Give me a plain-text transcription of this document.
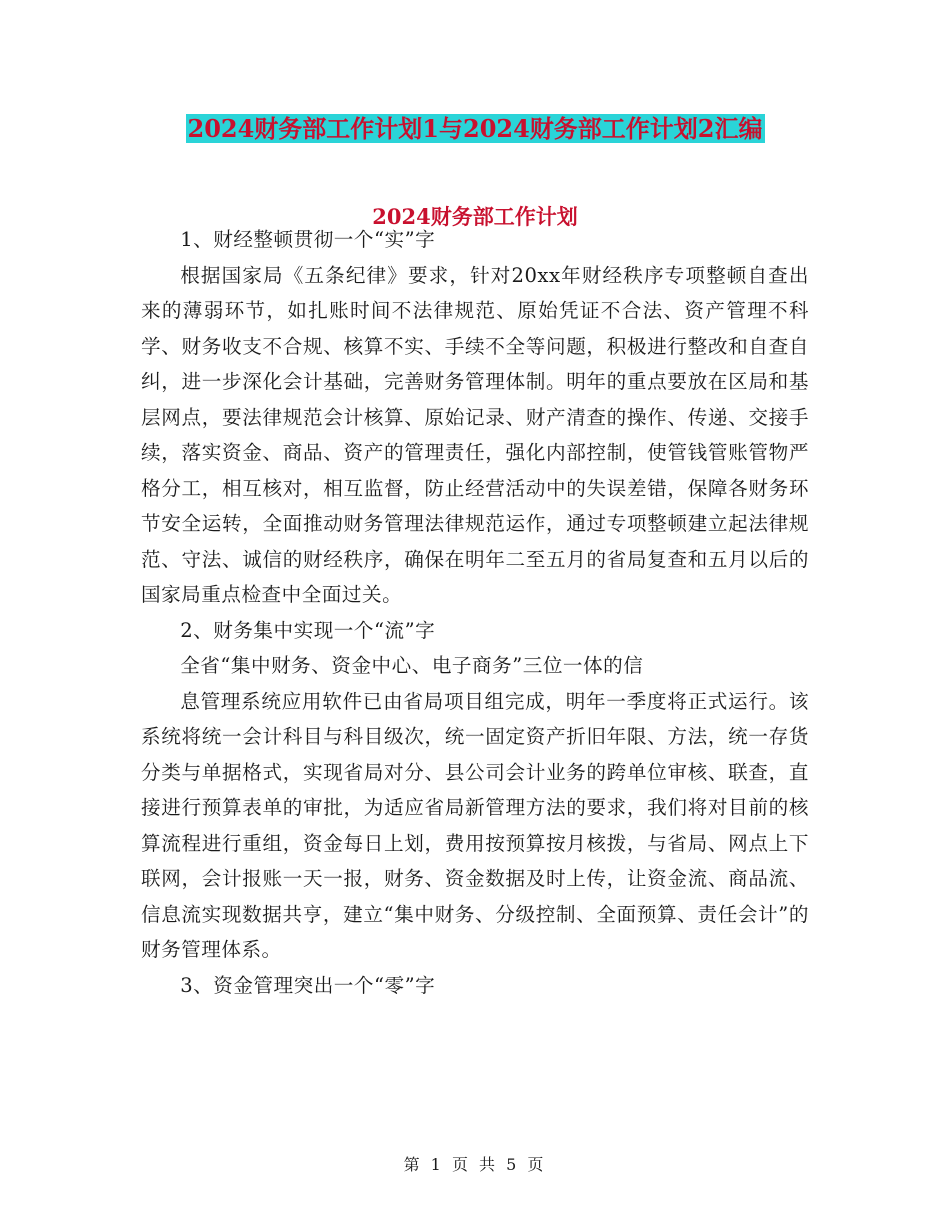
2024财务部工作计划1与2024财务部工作计划2汇编
2024财务部工作计划

1、财经整顿贯彻一个“实”字

根据国家局《五条纪律》要求，针对20xx年财经秩序专项整顿自查出来的薄弱环节，如扎账时间不法律规范、原始凭证不合法、资产管理不科学、财务收支不合规、核算不实、手续不全等问题，积极进行整改和自查自纠，进一步深化会计基础，完善财务管理体制。明年的重点要放在区局和基层网点，要法律规范会计核算、原始记录、财产清查的操作、传递、交接手续，落实资金、商品、资产的管理责任，强化内部控制，使管钱管账管物严格分工，相互核对，相互监督，防止经营活动中的失误差错，保障各财务环节安全运转，全面推动财务管理法律规范运作，通过专项整顿建立起法律规范、守法、诚信的财经秩序，确保在明年二至五月的省局复查和五月以后的国家局重点检查中全面过关。

2、财务集中实现一个“流”字

全省“集中财务、资金中心、电子商务”三位一体的信

息管理系统应用软件已由省局项目组完成，明年一季度将正式运行。该系统将统一会计科目与科目级次，统一固定资产折旧年限、方法，统一存货分类与单据格式，实现省局对分、县公司会计业务的跨单位审核、联查，直接进行预算表单的审批，为适应省局新管理方法的要求，我们将对目前的核算流程进行重组，资金每日上划，费用按预算按月核拨，与省局、网点上下联网，会计报账一天一报，财务、资金数据及时上传，让资金流、商品流、信息流实现数据共亨，建立“集中财务、分级控制、全面预算、责任会计”的财务管理体系。

3、资金管理突出一个“零”字

第 1 页 共 5 页
